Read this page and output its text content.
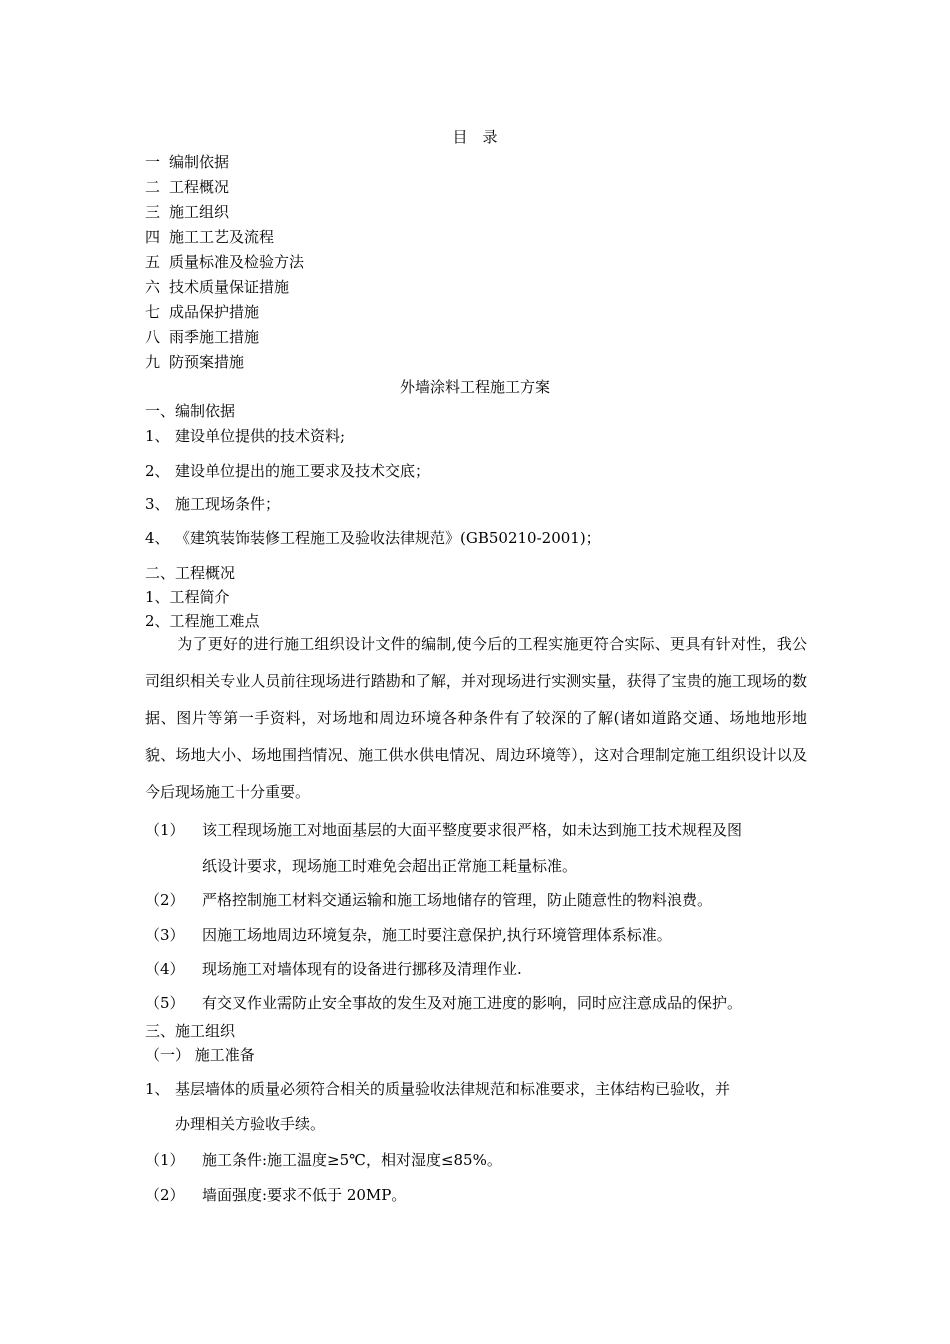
目　录
一 编制依据
二 工程概况
三 施工组织
四 施工工艺及流程
五 质量标准及检验方法
六 技术质量保证措施
七 成品保护措施
八 雨季施工措施
九 防预案措施
外墙涂料工程施工方案
一、编制依据
1、 建设单位提供的技术资料;
2、 建设单位提出的施工要求及技术交底；
3、 施工现场条件；
4、 《建筑装饰装修工程施工及验收法律规范》(GB50210-2001)；
二、工程概况
1、工程简介
2、工程施工难点
为了更好的进行施工组织设计文件的编制,使今后的工程实施更符合实际、更具有针对性，我公司组织相关专业人员前往现场进行踏勘和了解，并对现场进行实测实量，获得了宝贵的施工现场的数据、图片等第一手资料，对场地和周边环境各种条件有了较深的了解(诸如道路交通、场地地形地貌、场地大小、场地围挡情况、施工供水供电情况、周边环境等），这对合理制定施工组织设计以及今后现场施工十分重要。
（1） 该工程现场施工对地面基层的大面平整度要求很严格，如未达到施工技术规程及图
纸设计要求，现场施工时难免会超出正常施工耗量标准。
（2） 严格控制施工材料交通运输和施工场地储存的管理，防止随意性的物料浪费。
（3） 因施工场地周边环境复杂，施工时要注意保护,执行环境管理体系标准。
（4） 现场施工对墙体现有的设备进行挪移及清理作业.
（5） 有交叉作业需防止安全事故的发生及对施工进度的影响，同时应注意成品的保护。
三、施工组织
（一） 施工准备
1、 基层墙体的质量必须符合相关的质量验收法律规范和标准要求，主体结构已验收，并
办理相关方验收手续。
（1） 施工条件:施工温度≥5℃，相对湿度≤85%。
（2） 墙面强度:要求不低于 20MP。
